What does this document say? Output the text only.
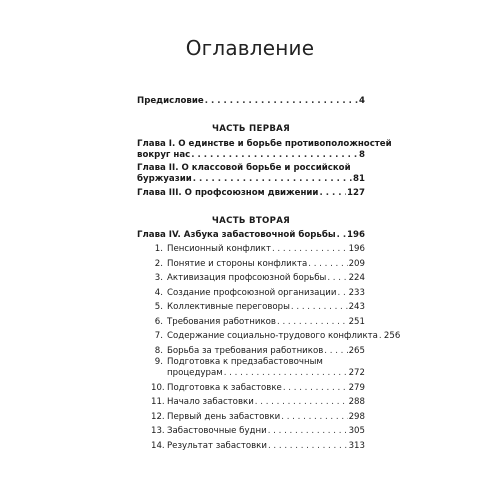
Оглавление
Предисловие . . .	4
ЧАСТЬ ПЕРВАЯ
Глава I. О единстве и борьбе противоположностей
вокруг нас . . .	8
Глава II. О классовой борьбе и российской
буржуазии . . .	81
Глава III. О профсоюзном движении . . .	127
ЧАСТЬ ВТОРАЯ
Глава IV. Азбука забастовочной борьбы . . . 196
1. Пенсионный конфликт . . .	196
2. Понятие и стороны конфликта . . .	209
3. Активизация профсоюзной борьбы . . .	224
4. Создание профсоюзной организации . . . 233
5. Коллективные переговоры . . .	243
6. Требования работников . . .	251
7. Содержание социально-трудового конфликта . . . 256
8. Борьба за требования работников . . .	265
9. Подготовка к предзабастовочным
процедурам . . .	272
10. Подготовка к забастовке . . .	279
11. Начало забастовки . . .	288
12. Первый день забастовки . . .	298
13. Забастовочные будни . . .	305
14. Результат забастовки . . .	313
